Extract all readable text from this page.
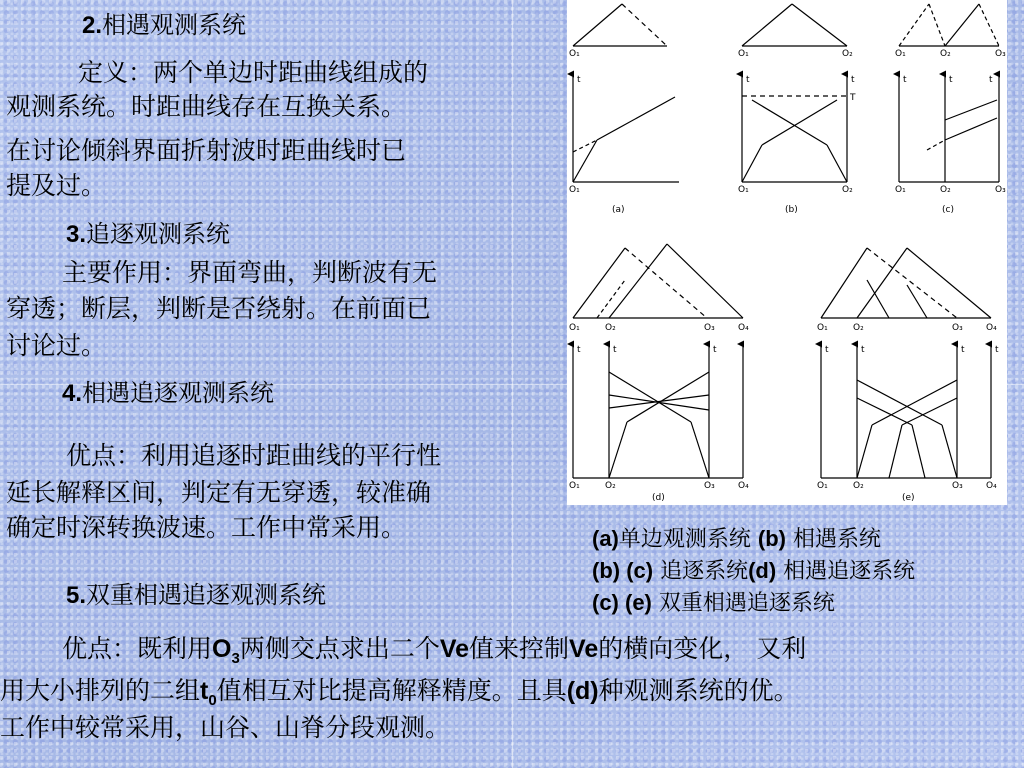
2.相遇观测系统
定义：两个单边时距曲线组成的
观测系统。时距曲线存在互换关系。
在讨论倾斜界面折射波时距曲线时已
提及过。
3.追逐观测系统
主要作用：界面弯曲，判断波有无
穿透；断层，判断是否绕射。在前面已
讨论过。
4.相遇追逐观测系统
优点：利用追逐时距曲线的平行性
延长解释区间，判定有无穿透，较准确
确定时深转换波速。工作中常采用。
5.双重相遇追逐观测系统
优点：既利用$O_3$两侧交点求出二个Ve值来控制Ve的横向变化， 又利
用大小排列的二组$t_0$值相互对比提高解释精度。且具(d)种观测系统的优。
工作中较常采用，山谷、山脊分段观测。
(a)单边观测系统 (b) 相遇系统
(b) (c) 追逐系统(d) 相遇追逐系统
(c) (e) 双重相遇追逐系统
O₁	O₁	O₂	O₁	O₂	O₃
t	t	t
T
t	t	t
O₁	O₁	O₂	O₁	O₂	O₃
(a)	(b)	(c)
O₁	O₂	O₃	O₄	O₁	O₂	O₃	O₄
t	t	t	t	t	t	t
O₁	O₂	O₃	O₄	O₁	O₂	O₃	O₄
(d)	(e)
